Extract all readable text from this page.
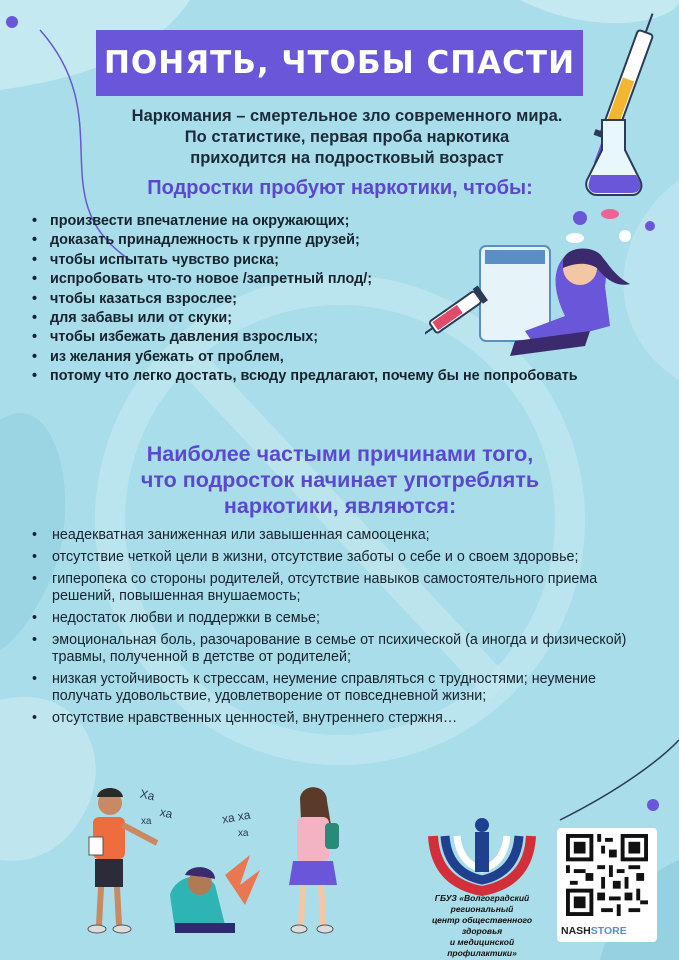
ПОНЯТЬ, ЧТОБЫ СПАСТИ
Наркомания – смертельное зло современного мира.
По статистике, первая проба наркотика
приходится на подростковый возраст
Подростки пробуют наркотики, чтобы:
• произвести впечатление на окружающих;
• доказать принадлежность к группе друзей;
• чтобы испытать чувство риска;
• испробовать что-то новое /запретный плод/;
• чтобы казаться взрослее;
• для забавы или от скуки;
• чтобы избежать давления взрослых;
• из желания убежать от проблем,
• потому что легко достать, всюду предлагают, почему бы не попробовать
Наиболее частыми причинами того,
что подросток начинает употреблять
наркотики, являются:
• неадекватная заниженная или завышенная самооценка;
• отсутствие четкой цели в жизни, отсутствие заботы о себе и о своем здоровье;
• гиперопека со стороны родителей, отсутствие навыков самостоятельного приема решений, повышенная внушаемость;
• недостаток любви и поддержки в семье;
• эмоциональная боль, разочарование в семье от психической (а иногда и физической) травмы, полученной в детстве от родителей;
• низкая устойчивость к стрессам, неумение справляться с трудностями; неумение получать удовольствие, удовлетворение от повседневной жизни;
• отсутствие нравственных ценностей, внутреннего стержня…
Ха
ха
ха	ха ха
ха
ГБУЗ «Волгоградский региональный
центр общественного здоровья
и медицинской профилактики»
NASHSTORE
